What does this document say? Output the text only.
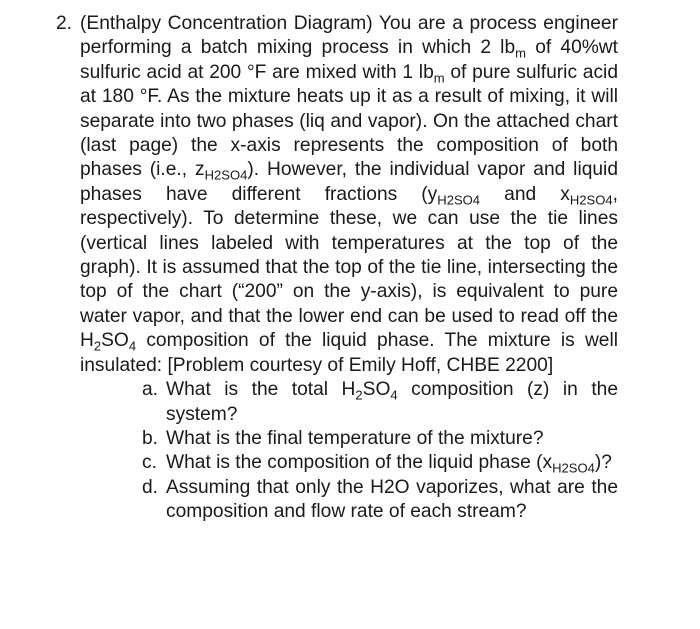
2. (Enthalpy Concentration Diagram) You are a process engineer performing a batch mixing process in which 2 $lb_m$ of 40%wt sulfuric acid at 200 °F are mixed with 1 $lb_m$ of pure sulfuric acid at 180 °F. As the mixture heats up it as a result of mixing, it will separate into two phases (liq and vapor). On the attached chart (last page) the x-axis represents the composition of both phases (i.e., $z_{H2SO4}$). However, the individual vapor and liquid phases have different fractions ($y_{H2SO4}$ and $x_{H2SO4}$, respectively). To determine these, we can use the tie lines (vertical lines labeled with temperatures at the top of the graph). It is assumed that the top of the tie line, intersecting the top of the chart (“200” on the y-axis), is equivalent to pure water vapor, and that the lower end can be used to read off the $H_2SO_4$ composition of the liquid phase. The mixture is well insulated: [Problem courtesy of Emily Hoff, CHBE 2200]

a. What is the total $H_2SO_4$ composition (z) in the system?
b. What is the final temperature of the mixture?
c. What is the composition of the liquid phase $(x_{H2SO4})$?
d. Assuming that only the H2O vaporizes, what are the composition and flow rate of each stream?
